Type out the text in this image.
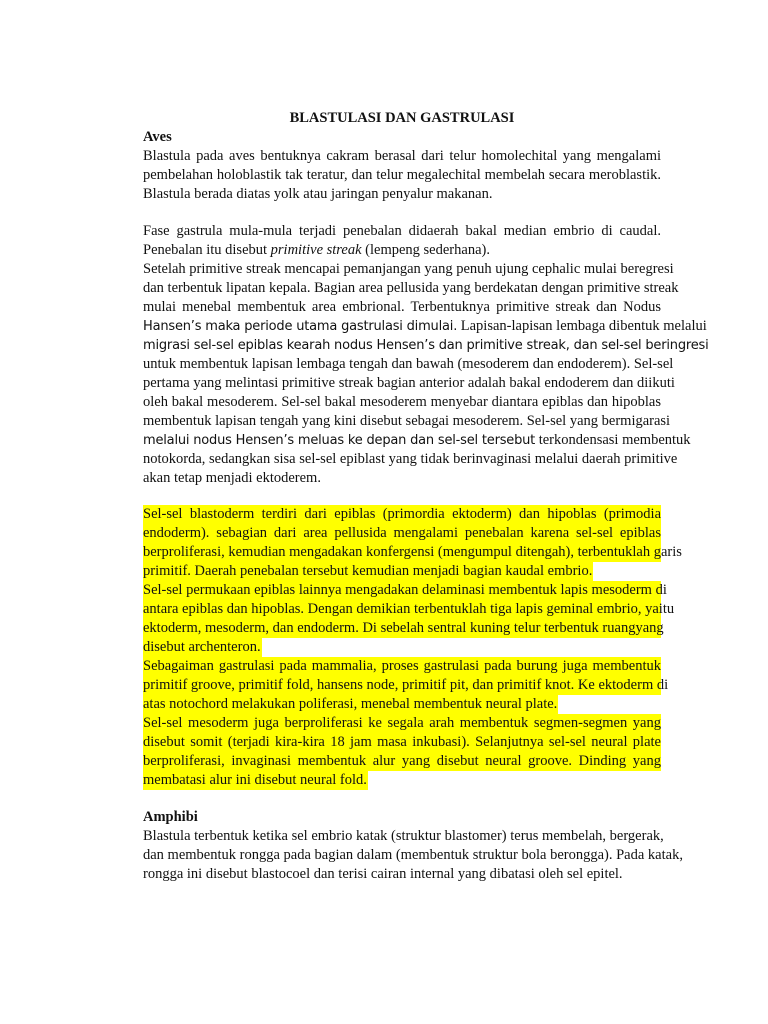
BLASTULASI DAN GASTRULASI
Aves
Blastula pada aves bentuknya cakram berasal dari telur homolechital yang mengalami
pembelahan holoblastik tak teratur, dan telur megalechital membelah secara meroblastik.
Blastula berada diatas yolk atau jaringan penyalur makanan.
Fase gastrula mula-mula terjadi penebalan didaerah bakal median embrio di caudal.
Penebalan itu disebut primitive streak (lempeng sederhana).
Setelah primitive streak mencapai pemanjangan yang penuh ujung cephalic mulai beregresi
dan terbentuk lipatan kepala. Bagian area pellusida yang berdekatan dengan primitive streak
mulai menebal membentuk area embrional. Terbentuknya primitive streak dan Nodus
Hansen’s maka periode utama gastrulasi dimulai. Lapisan-lapisan lembaga dibentuk melalui
migrasi sel-sel epiblas kearah nodus Hensen’s dan primitive streak, dan sel-sel beringresi
untuk membentuk lapisan lembaga tengah dan bawah (mesoderem dan endoderem). Sel-sel
pertama yang melintasi primitive streak bagian anterior adalah bakal endoderem dan diikuti
oleh bakal mesoderem. Sel-sel bakal mesoderem menyebar diantara epiblas dan hipoblas
membentuk lapisan tengah yang kini disebut sebagai mesoderem. Sel-sel yang bermigarasi
melalui nodus Hensen’s meluas ke depan dan sel-sel tersebut terkondensasi membentuk
notokorda, sedangkan sisa sel-sel epiblast yang tidak berinvaginasi melalui daerah primitive
akan tetap menjadi ektoderem.
Sel-sel blastoderm terdiri dari epiblas (primordia ektoderm) dan hipoblas (primodia
endoderm). sebagian dari area pellusida mengalami penebalan karena sel-sel epiblas
berproliferasi, kemudian mengadakan konfergensi (mengumpul ditengah), terbentuklah garis
primitif. Daerah penebalan tersebut kemudian menjadi bagian kaudal embrio.
Sel-sel permukaan epiblas lainnya mengadakan delaminasi membentuk lapis mesoderm di
antara epiblas dan hipoblas. Dengan demikian terbentuklah tiga lapis geminal embrio, yaitu
ektoderm, mesoderm, dan endoderm. Di sebelah sentral kuning telur terbentuk ruangyang
disebut archenteron.
Sebagaiman gastrulasi pada mammalia, proses gastrulasi pada burung juga membentuk
primitif groove, primitif fold, hansens node, primitif pit, dan primitif knot. Ke ektoderm di
atas notochord melakukan poliferasi, menebal membentuk neural plate.
Sel-sel mesoderm juga berproliferasi ke segala arah membentuk segmen-segmen yang
disebut somit (terjadi kira-kira 18 jam masa inkubasi). Selanjutnya sel-sel neural plate
berproliferasi, invaginasi membentuk alur yang disebut neural groove. Dinding yang
membatasi alur ini disebut neural fold.
Amphibi
Blastula terbentuk ketika sel embrio katak (struktur blastomer) terus membelah, bergerak,
dan membentuk rongga pada bagian dalam (membentuk struktur bola berongga). Pada katak,
rongga ini disebut blastocoel dan terisi cairan internal yang dibatasi oleh sel epitel.
